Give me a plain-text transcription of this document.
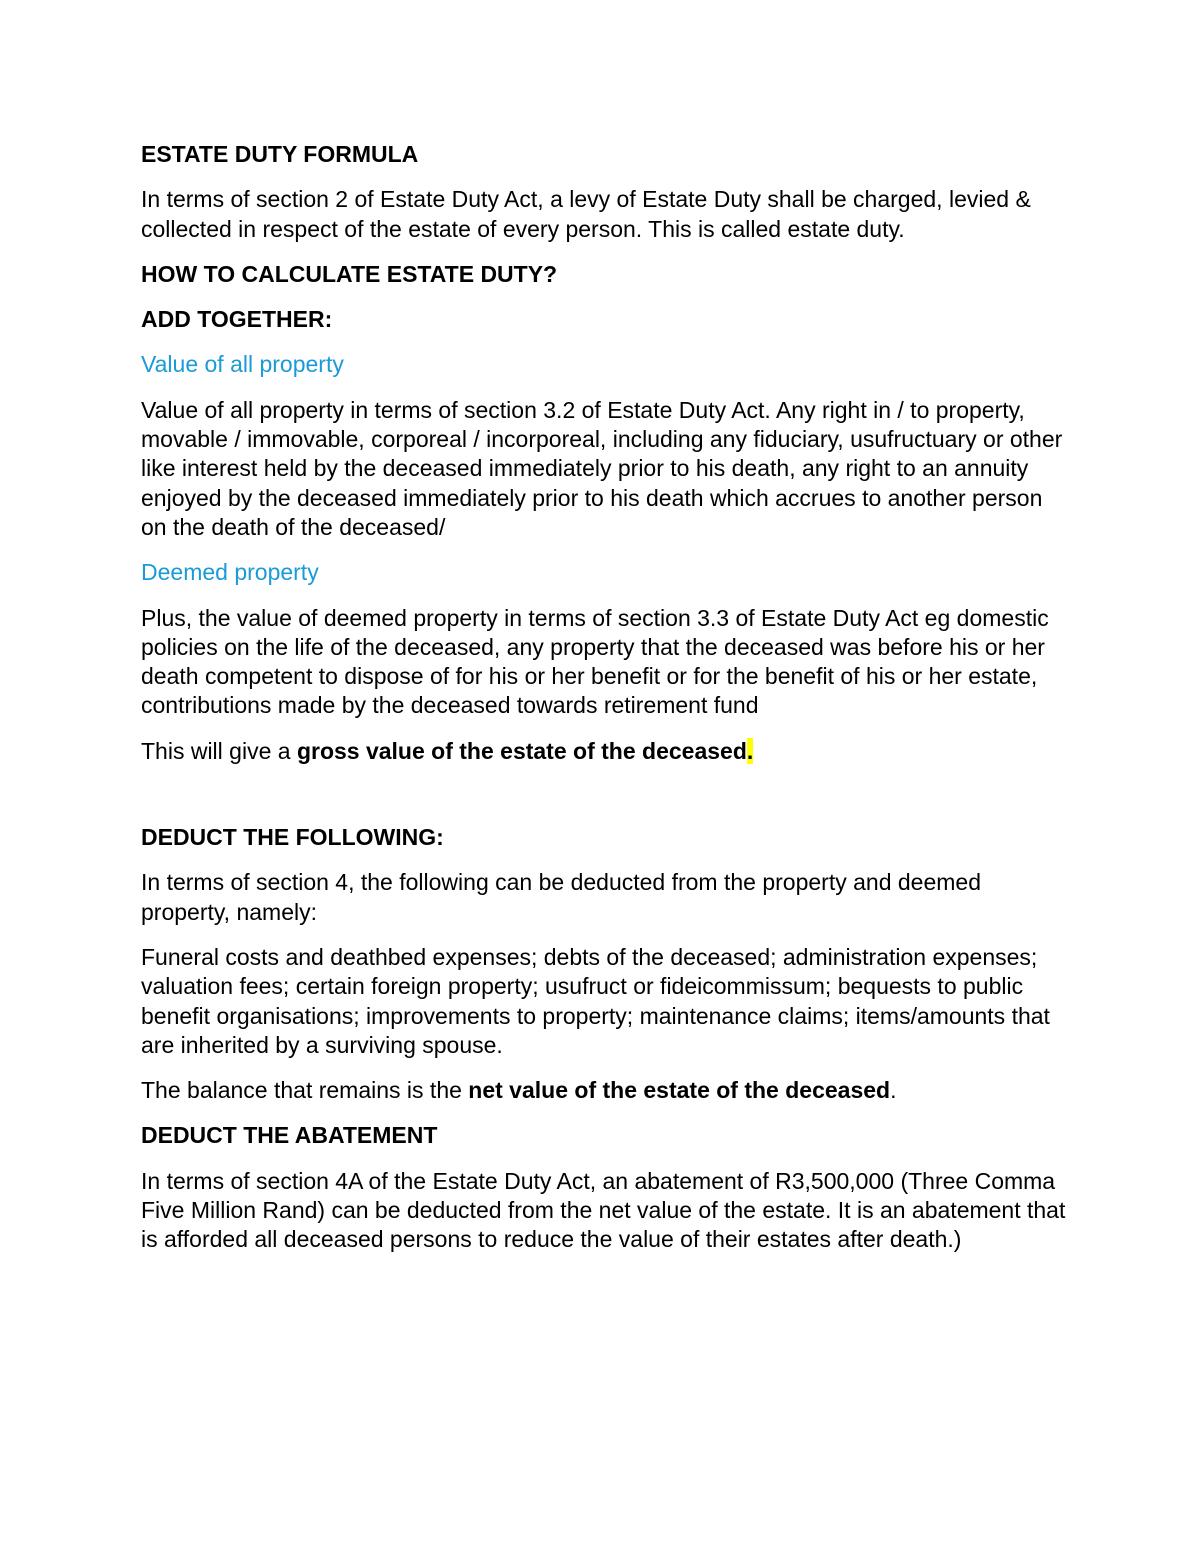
ESTATE DUTY FORMULA

In terms of section 2 of Estate Duty Act, a levy of Estate Duty shall be charged, levied & collected in respect of the estate of every person. This is called estate duty.

HOW TO CALCULATE ESTATE DUTY?

ADD TOGETHER:

Value of all property

Value of all property in terms of section 3.2 of Estate Duty Act. Any right in / to property, movable / immovable, corporeal / incorporeal, including any fiduciary, usufructuary or other like interest held by the deceased immediately prior to his death, any right to an annuity enjoyed by the deceased immediately prior to his death which accrues to another person on the death of the deceased/

Deemed property

Plus, the value of deemed property in terms of section 3.3 of Estate Duty Act eg domestic policies on the life of the deceased, any property that the deceased was before his or her death competent to dispose of for his or her benefit or for the benefit of his or her estate, contributions made by the deceased towards retirement fund

This will give a gross value of the estate of the deceased.

DEDUCT THE FOLLOWING:

In terms of section 4, the following can be deducted from the property and deemed property, namely:

Funeral costs and deathbed expenses; debts of the deceased; administration expenses; valuation fees; certain foreign property; usufruct or fideicommissum; bequests to public benefit organisations; improvements to property; maintenance claims; items/amounts that are inherited by a surviving spouse.

The balance that remains is the net value of the estate of the deceased.

DEDUCT THE ABATEMENT

In terms of section 4A of the Estate Duty Act, an abatement of R3,500,000 (Three Comma Five Million Rand) can be deducted from the net value of the estate. It is an abatement that is afforded all deceased persons to reduce the value of their estates after death.)
